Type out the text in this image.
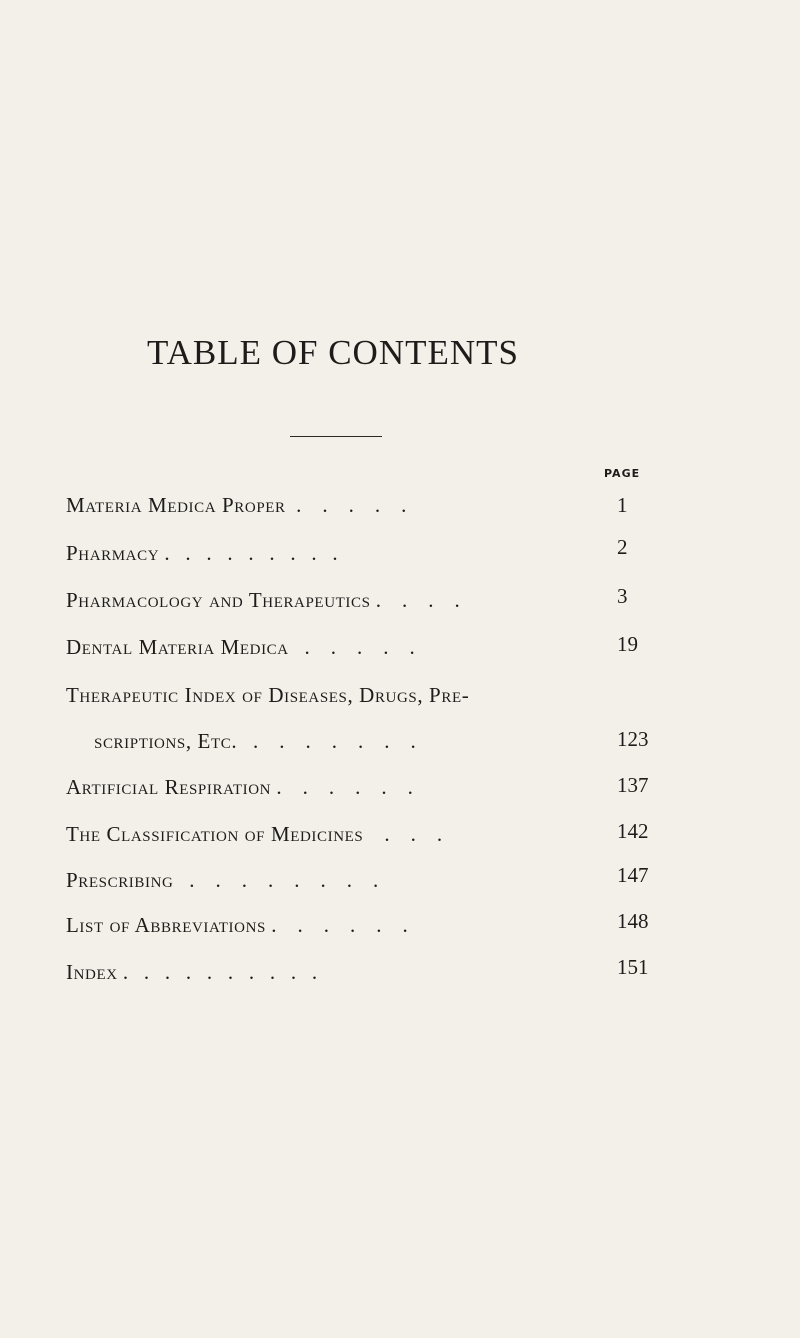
TABLE OF CONTENTS
PAGE
Materia Medica Proper  .    .    .    .    .	1
Pharmacy .   .   .   .   .   .   .   .   .	2
Pharmacology and Therapeutics .    .    .    .	3
Dental Materia Medica   .    .    .    .    .	19
Therapeutic Index of Diseases, Drugs, Pre-
scriptions, Etc.   .    .    .    .    .    .    .	123
Artificial Respiration .    .    .    .    .    .	137
The Classification of Medicines    .    .    .	142
Prescribing   .    .    .    .    .    .    .    .	147
List of Abbreviations .    .    .    .    .    .	148
Index .   .   .   .   .   .   .   .   .   .	151
